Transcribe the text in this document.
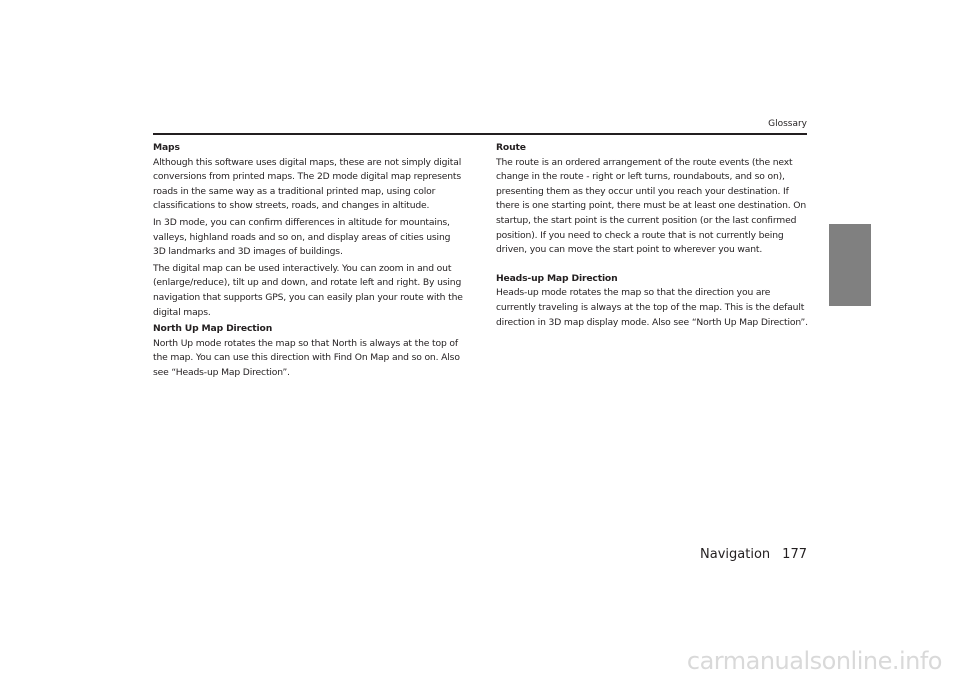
Glossary

Maps

Although this software uses digital maps, these are not simply digital conversions from printed maps. The 2D mode digital map represents roads in the same way as a traditional printed map, using color classifications to show streets, roads, and changes in altitude.

In 3D mode, you can confirm differences in altitude for mountains, valleys, highland roads and so on, and display areas of cities using 3D landmarks and 3D images of buildings.

The digital map can be used interactively. You can zoom in and out (enlarge/reduce), tilt up and down, and rotate left and right. By using navigation that supports GPS, you can easily plan your route with the digital maps.

North Up Map Direction

North Up mode rotates the map so that North is always at the top of the map. You can use this direction with Find On Map and so on. Also see “Heads-up Map Direction”.

Route

The route is an ordered arrangement of the route events (the next change in the route - right or left turns, roundabouts, and so on), presenting them as they occur until you reach your destination. If there is one starting point, there must be at least one destination. On startup, the start point is the current position (or the last confirmed position). If you need to check a route that is not currently being driven, you can move the start point to wherever you want.

Heads-up Map Direction

Heads-up mode rotates the map so that the direction you are currently traveling is always at the top of the map. This is the default direction in 3D map display mode. Also see “North Up Map Direction”.

Navigation 177
carmanualsonline.info
